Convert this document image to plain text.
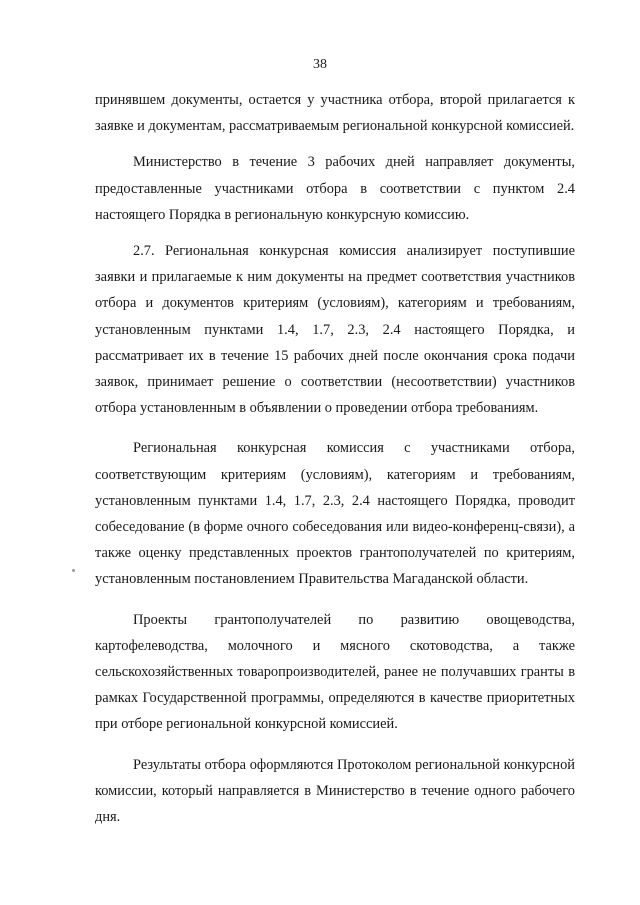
38

принявшем документы, остается у участника отбора, второй прилагается к заявке и документам, рассматриваемым региональной конкурсной комиссией.

Министерство в течение 3 рабочих дней направляет документы, предоставленные участниками отбора в соответствии с пунктом 2.4 настоящего Порядка в региональную конкурсную комиссию.

2.7. Региональная конкурсная комиссия анализирует поступившие заявки и прилагаемые к ним документы на предмет соответствия участников отбора и документов критериям (условиям), категориям и требованиям, установленным пунктами 1.4, 1.7, 2.3, 2.4 настоящего Порядка, и рассматривает их в течение 15 рабочих дней после окончания срока подачи заявок, принимает решение о соответствии (несоответствии) участников отбора установленным в объявлении о проведении отбора требованиям.

Региональная конкурсная комиссия с участниками отбора, соответствующим критериям (условиям), категориям и требованиям, установленным пунктами 1.4, 1.7, 2.3, 2.4 настоящего Порядка, проводит собеседование (в форме очного собеседования или видео-конференц-связи), а также оценку представленных проектов грантополучателей по критериям, установленным постановлением Правительства Магаданской области.

Проекты грантополучателей по развитию овощеводства, картофелеводства, молочного и мясного скотоводства, а также сельскохозяйственных товаропроизводителей, ранее не получавших гранты в рамках Государственной программы, определяются в качестве приоритетных при отборе региональной конкурсной комиссией.

Результаты отбора оформляются Протоколом региональной конкурсной комиссии, который направляется в Министерство в течение одного рабочего дня.
